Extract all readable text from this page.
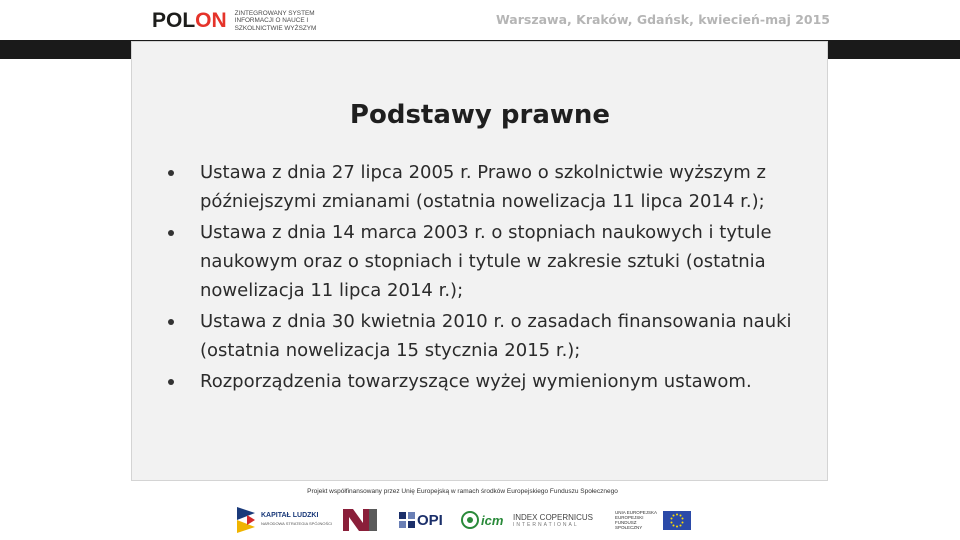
POLON ZINTEGROWANY SYSTEM INFORMACJI O NAUCE I SZKOLNICTWIE WYŻSZYM
Warszawa, Kraków, Gdańsk, kwiecień-maj 2015
Podstawy prawne
Ustawa z dnia 27 lipca 2005 r. Prawo o szkolnictwie wyższym z późniejszymi zmianami (ostatnia nowelizacja 11 lipca 2014 r.);
Ustawa z dnia 14 marca 2003 r. o stopniach naukowych i tytule naukowym oraz o stopniach i tytule w zakresie sztuki (ostatnia nowelizacja 11 lipca 2014 r.);
Ustawa z dnia 30 kwietnia 2010 r. o zasadach finansowania nauki (ostatnia nowelizacja 15 stycznia 2015 r.);
Rozporządzenia towarzyszące wyżej wymienionym ustawom.
Projekt współfinansowany przez Unię Europejską w ramach środków Europejskiego Funduszu Społecznego
KAPITAŁ LUDZKI
NARODOWA STRATEGIA SPÓJNOŚCI	OPI	icm INDEX COPERNICUS
INTERNATIONAL
UNIA EUROPEJSKA EUROPEJSKI FUNDUSZ SPOŁECZNY
